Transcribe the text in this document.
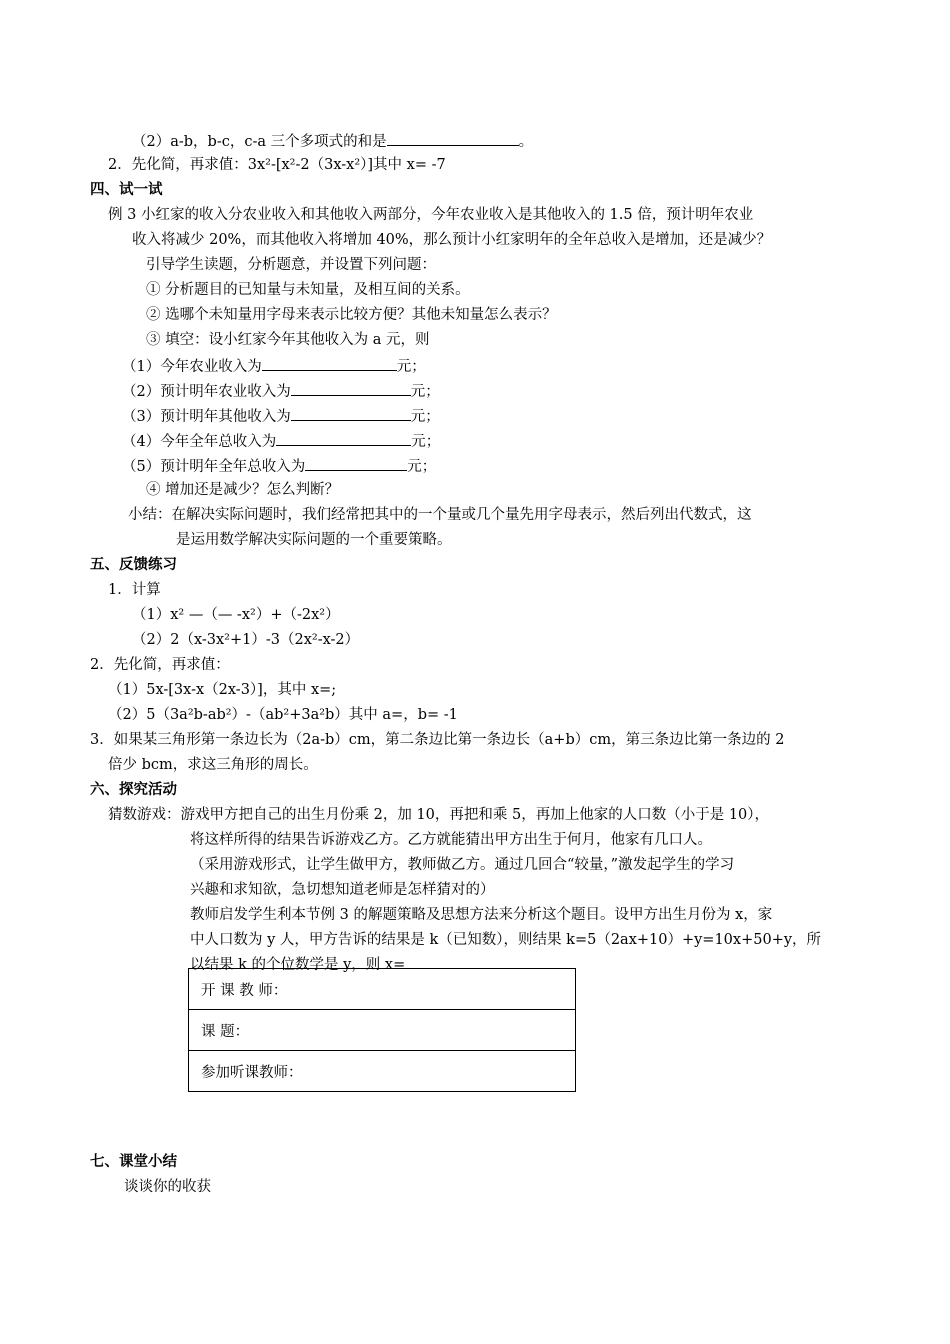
（2）a-b，b-c，c-a 三个多项式的和是	。
2．先化简，再求值：3x²-[x²-2（3x-x²）]其中 x= -7
四、试一试
例 3 小红家的收入分农业收入和其他收入两部分，今年农业收入是其他收入的 1.5 倍，预计明年农业
收入将减少 20%，而其他收入将增加 40%，那么预计小红家明年的全年总收入是增加，还是减少？
引导学生读题，分析题意，并设置下列问题：
① 分析题目的已知量与未知量，及相互间的关系。
② 选哪个未知量用字母来表示比较方便？其他未知量怎么表示？
③ 填空：设小红家今年其他收入为 a 元，则
（1）今年农业收入为	元；
（2）预计明年农业收入为	元；
（3）预计明年其他收入为	元；
（4）今年全年总收入为	元；
（5）预计明年全年总收入为	元；
④ 增加还是减少？怎么判断？
小结：在解决实际问题时，我们经常把其中的一个量或几个量先用字母表示，然后列出代数式，这
是运用数学解决实际问题的一个重要策略。
五、反馈练习
1．计算
（1）x² —（— -x²）+（-2x²）
（2）2（x-3x²+1）-3（2x²-x-2）
2．先化简，再求值：
（1）5x-[3x-x（2x-3）]，其中 x=;
（2）5（3a²b-ab²）-（ab²+3a²b）其中 a=，b= -1
3．如果某三角形第一条边长为（2a-b）cm，第二条边比第一条边长（a+b）cm，第三条边比第一条边的 2
倍少 bcm，求这三角形的周长。
六、探究活动
猜数游戏：游戏甲方把自己的出生月份乘 2，加 10，再把和乘 5，再加上他家的人口数（小于是 10），
将这样所得的结果告诉游戏乙方。乙方就能猜出甲方出生于何月，他家有几口人。
（采用游戏形式，让学生做甲方，教师做乙方。通过几回合“较量，”激发起学生的学习
兴趣和求知欲，急切想知道老师是怎样猜对的）
教师启发学生利本节例 3 的解题策略及思想方法来分析这个题目。设甲方出生月份为 x，家
中人口数为 y 人，甲方告诉的结果是 k（已知数），则结果 k=5（2ax+10）+y=10x+50+y，所
以结果 k 的个位数学是 y，则 x=
开 课 教 师：
课 题：
参加听课教师：
七、课堂小结
谈谈你的收获
